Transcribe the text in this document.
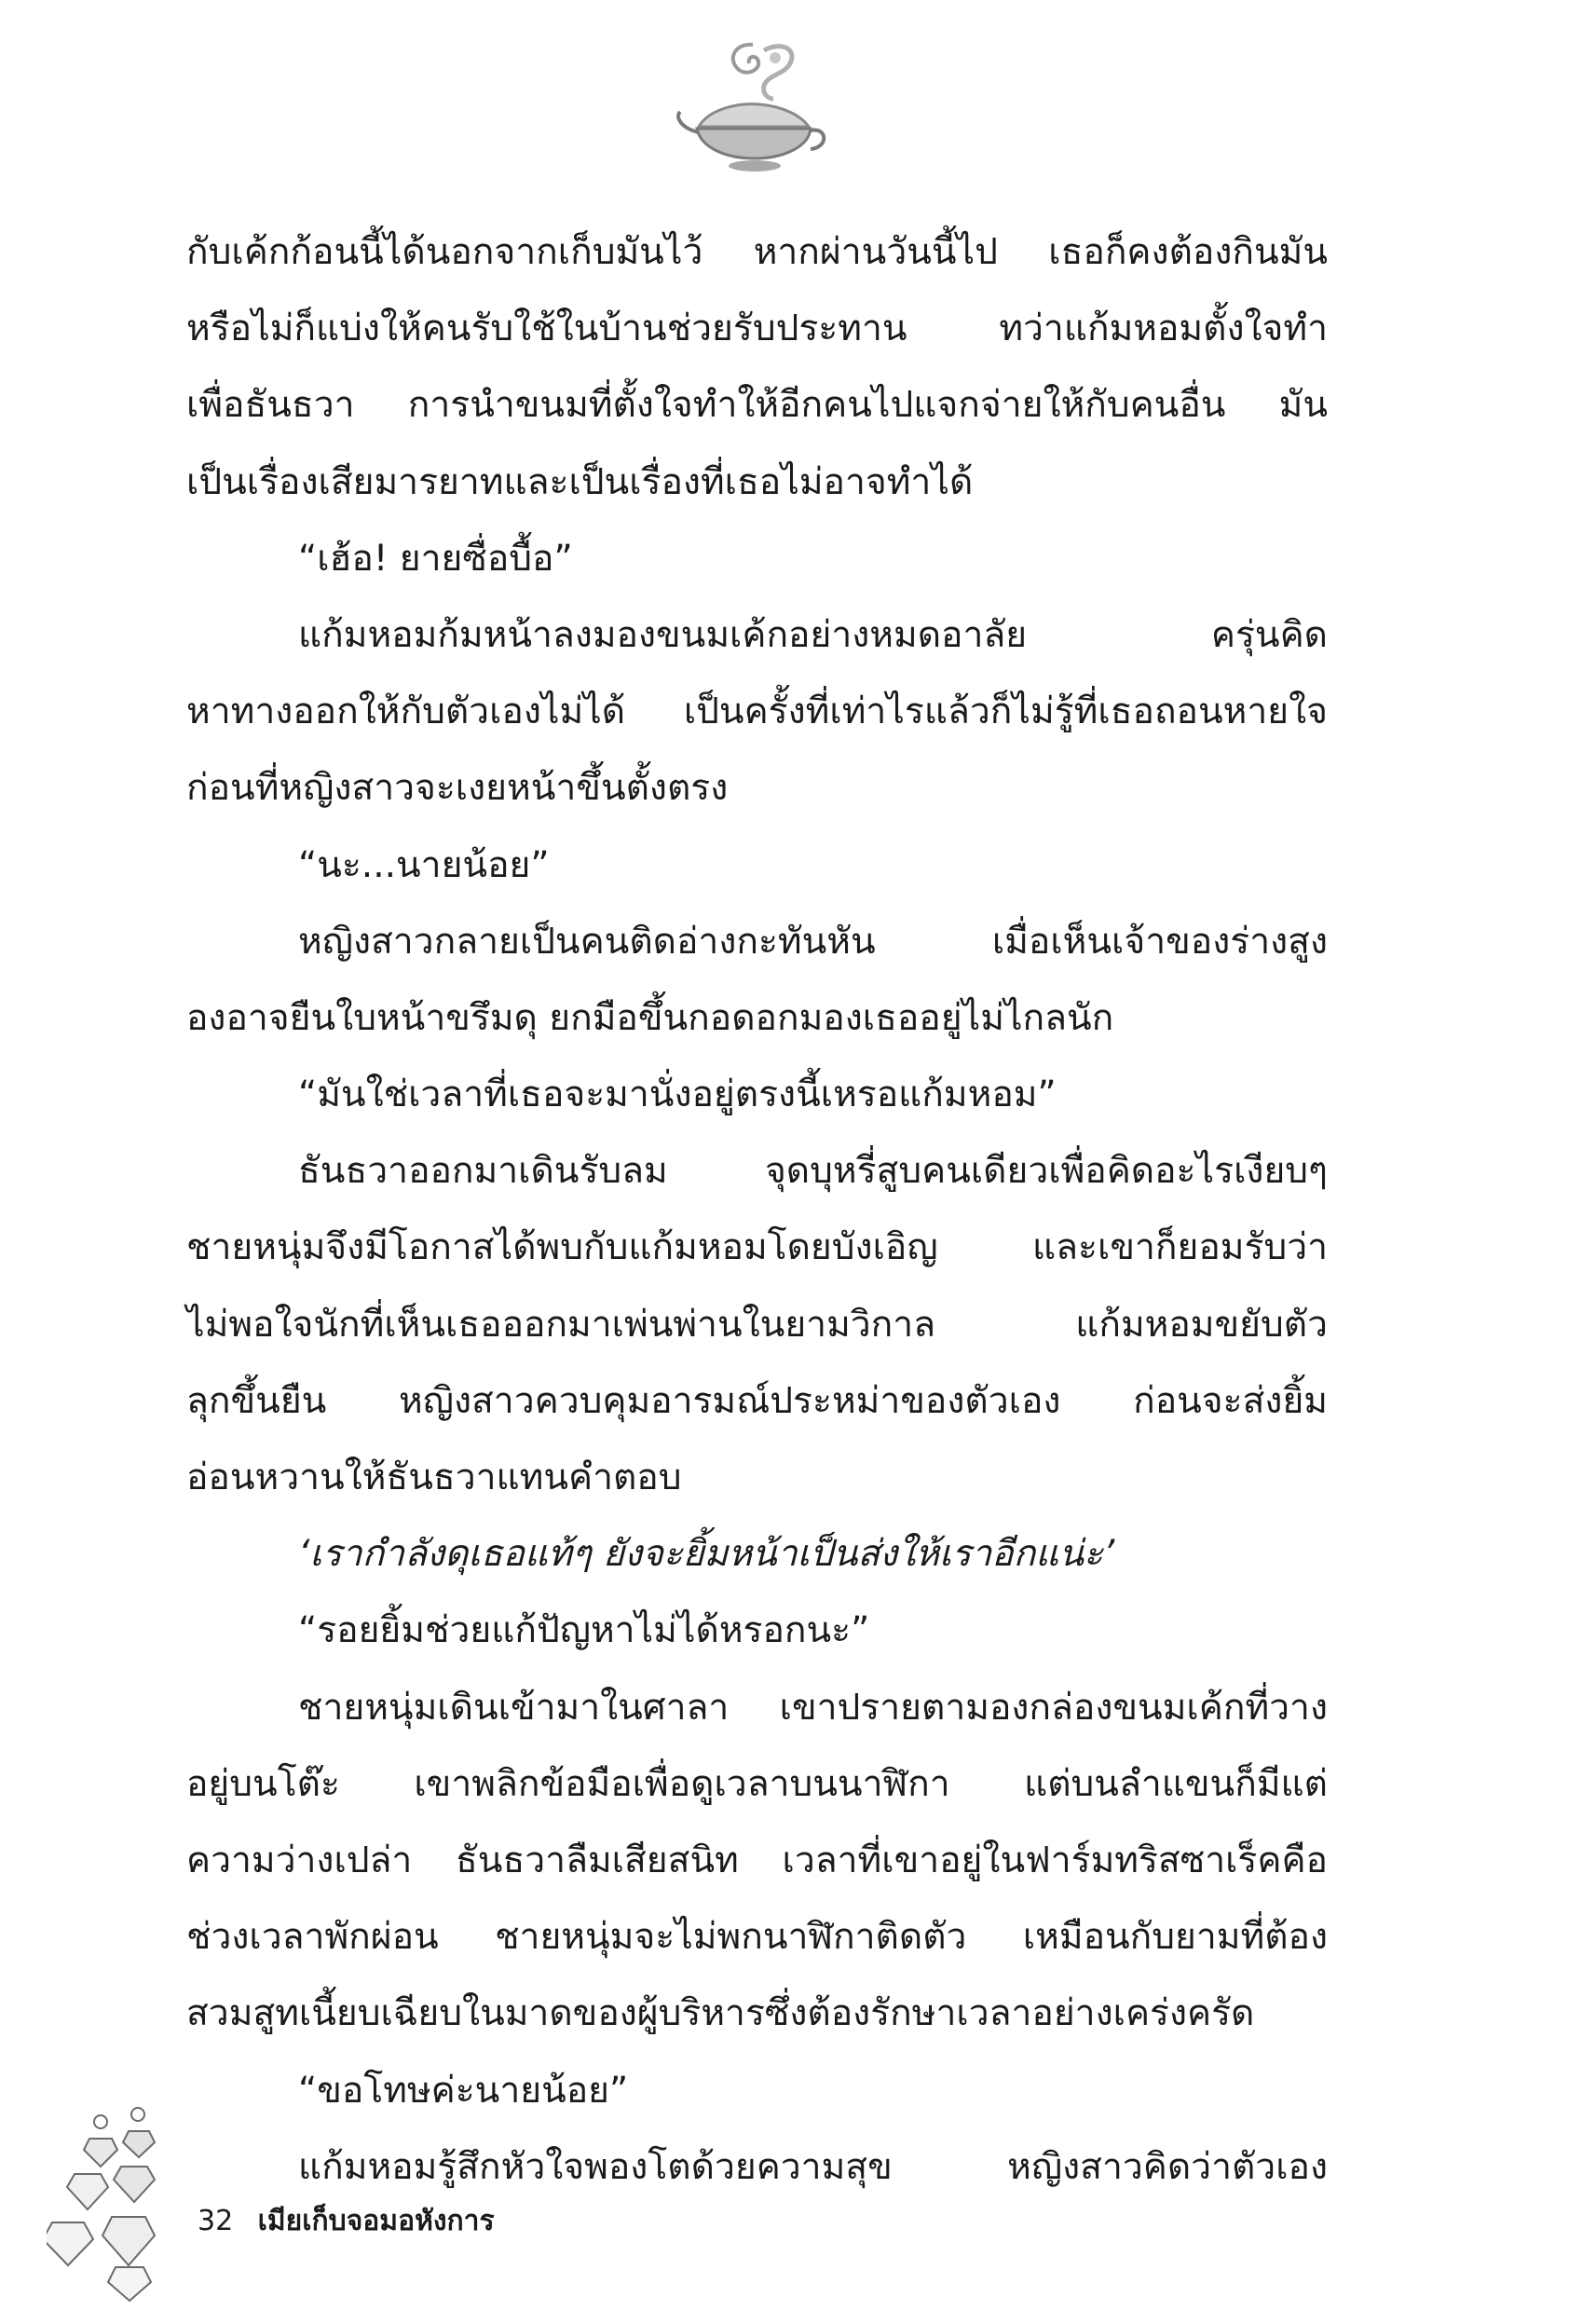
กับเค้กก้อนนี้ได้นอกจากเก็บมันไว้ หากผ่านวันนี้ไป เธอก็คงต้องกินมัน
หรือไม่ก็แบ่งให้คนรับใช้ในบ้านช่วยรับประทาน ทว่าแก้มหอมตั้งใจทำ
เพื่อธันธวา การนำขนมที่ตั้งใจทำให้อีกคนไปแจกจ่ายให้กับคนอื่น มัน
เป็นเรื่องเสียมารยาทและเป็นเรื่องที่เธอไม่อาจทำได้
“เฮ้อ! ยายซื่อบื้อ”
แก้มหอมก้มหน้าลงมองขนมเค้กอย่างหมดอาลัย ครุ่นคิด
หาทางออกให้กับตัวเองไม่ได้ เป็นครั้งที่เท่าไรแล้วก็ไม่รู้ที่เธอถอนหายใจ
ก่อนที่หญิงสาวจะเงยหน้าขึ้นตั้งตรง
“นะ...นายน้อย”
หญิงสาวกลายเป็นคนติดอ่างกะทันหัน เมื่อเห็นเจ้าของร่างสูง
องอาจยืนใบหน้าขรึมดุ ยกมือขึ้นกอดอกมองเธออยู่ไม่ไกลนัก
“มันใช่เวลาที่เธอจะมานั่งอยู่ตรงนี้เหรอแก้มหอม”
ธันธวาออกมาเดินรับลม จุดบุหรี่สูบคนเดียวเพื่อคิดอะไรเงียบๆ
ชายหนุ่มจึงมีโอกาสได้พบกับแก้มหอมโดยบังเอิญ และเขาก็ยอมรับว่า
ไม่พอใจนักที่เห็นเธอออกมาเพ่นพ่านในยามวิกาล แก้มหอมขยับตัว
ลุกขึ้นยืน หญิงสาวควบคุมอารมณ์ประหม่าของตัวเอง ก่อนจะส่งยิ้ม
อ่อนหวานให้ธันธวาแทนคำตอบ
‘เรากำลังดุเธอแท้ๆ ยังจะยิ้มหน้าเป็นส่งให้เราอีกแน่ะ’
“รอยยิ้มช่วยแก้ปัญหาไม่ได้หรอกนะ”
ชายหนุ่มเดินเข้ามาในศาลา เขาปรายตามองกล่องขนมเค้กที่วาง
อยู่บนโต๊ะ เขาพลิกข้อมือเพื่อดูเวลาบนนาฬิกา แต่บนลำแขนก็มีแต่
ความว่างเปล่า ธันธวาลืมเสียสนิท เวลาที่เขาอยู่ในฟาร์มทริสซาเร็คคือ
ช่วงเวลาพักผ่อน ชายหนุ่มจะไม่พกนาฬิกาติดตัว เหมือนกับยามที่ต้อง
สวมสูทเนี้ยบเฉียบในมาดของผู้บริหารซึ่งต้องรักษาเวลาอย่างเคร่งครัด
“ขอโทษค่ะนายน้อย”
แก้มหอมรู้สึกหัวใจพองโตด้วยความสุข หญิงสาวคิดว่าตัวเอง
32 เมียเก็บจอมอหังการ
